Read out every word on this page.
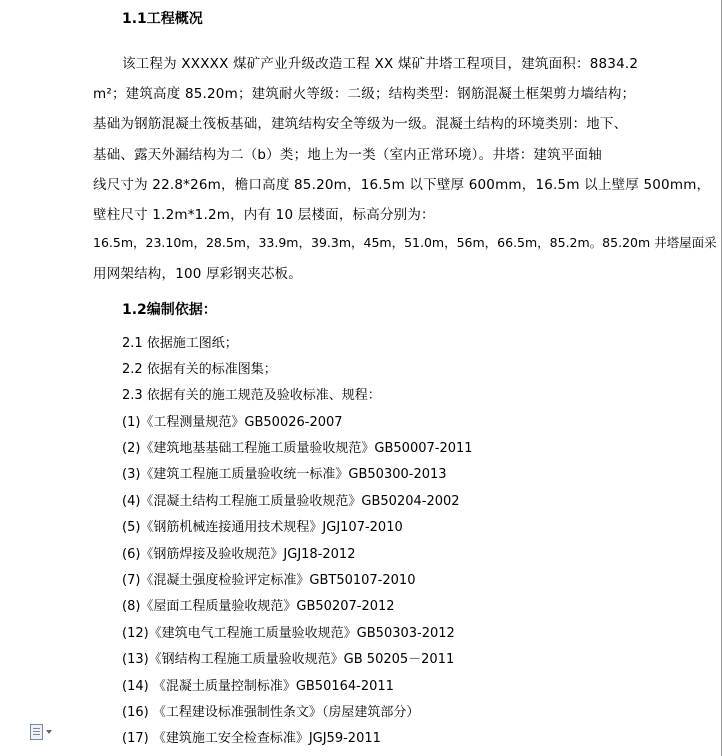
1.1工程概况
该工程为 XXXXX 煤矿产业升级改造工程 XX 煤矿井塔工程项目，建筑面积：8834.2
m²；建筑高度 85.20m；建筑耐火等级：二级；结构类型：钢筋混凝土框架剪力墙结构；
基础为钢筋混凝土筏板基础，建筑结构安全等级为一级。混凝土结构的环境类别：地下、
基础、露天外漏结构为二（b）类；地上为一类（室内正常环境）。井塔：建筑平面轴
线尺寸为 22.8*26m，檐口高度 85.20m，16.5m 以下壁厚 600mm，16.5m 以上壁厚 500mm，
壁柱尺寸 1.2m*1.2m，内有 10 层楼面，标高分别为：
16.5m，23.10m，28.5m，33.9m，39.3m，45m，51.0m，56m，66.5m，85.2m。85.20m 井塔屋面采
用网架结构，100 厚彩钢夹芯板。
1.2编制依据：
2.1 依据施工图纸；
2.2 依据有关的标准图集；
2.3 依据有关的施工规范及验收标准、规程：
(1)《工程测量规范》GB50026-2007
(2)《建筑地基基础工程施工质量验收规范》GB50007-2011
(3)《建筑工程施工质量验收统一标准》GB50300-2013
(4)《混凝土结构工程施工质量验收规范》GB50204-2002
(5)《钢筋机械连接通用技术规程》JGJ107-2010
(6)《钢筋焊接及验收规范》JGJ18-2012
(7)《混凝土强度检验评定标准》GBT50107-2010
(8)《屋面工程质量验收规范》GB50207-2012
(12)《建筑电气工程施工质量验收规范》GB50303-2012
(13)《钢结构工程施工质量验收规范》GB 50205－2011
(14) 《混凝土质量控制标准》GB50164-2011
(16) 《工程建设标准强制性条文》（房屋建筑部分）
(17) 《建筑施工安全检查标准》JGJ59-2011
